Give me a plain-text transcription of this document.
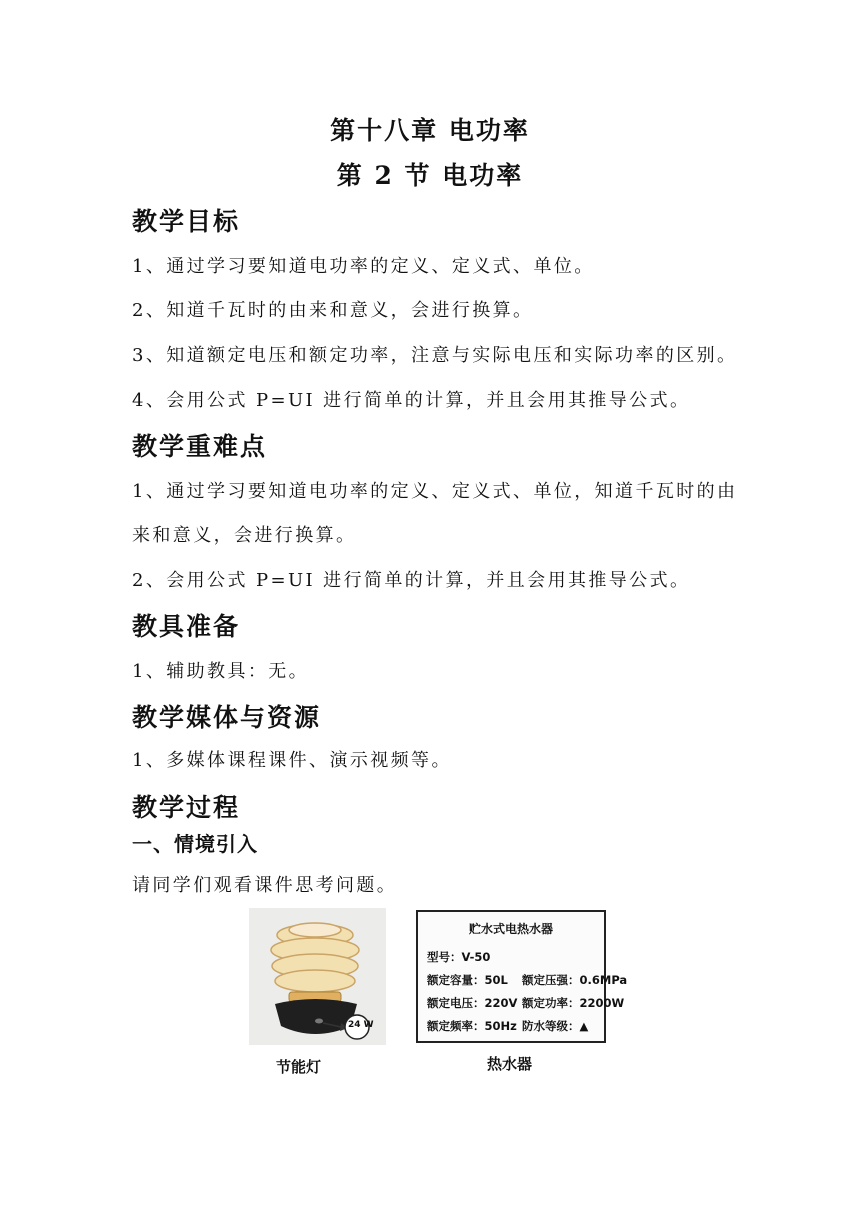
第十八章 电功率
第 2 节 电功率
教学目标
1、通过学习要知道电功率的定义、定义式、单位。
2、知道千瓦时的由来和意义，会进行换算。
3、知道额定电压和额定功率，注意与实际电压和实际功率的区别。
4、会用公式 P=UI 进行简单的计算，并且会用其推导公式。
教学重难点
1、通过学习要知道电功率的定义、定义式、单位，知道千瓦时的由
来和意义，会进行换算。
2、会用公式 P=UI 进行简单的计算，并且会用其推导公式。
教具准备
1、辅助教具：无。
教学媒体与资源
1、多媒体课程课件、演示视频等。
教学过程
一、情境引入
请同学们观看课件思考问题。
24 W
节能灯
贮水式电热水器
型号：V-50
额定容量：50L 额定压强：0.6MPa
额定电压：220V 额定功率：2200W
额定频率：50Hz 防水等级：▲
热水器
